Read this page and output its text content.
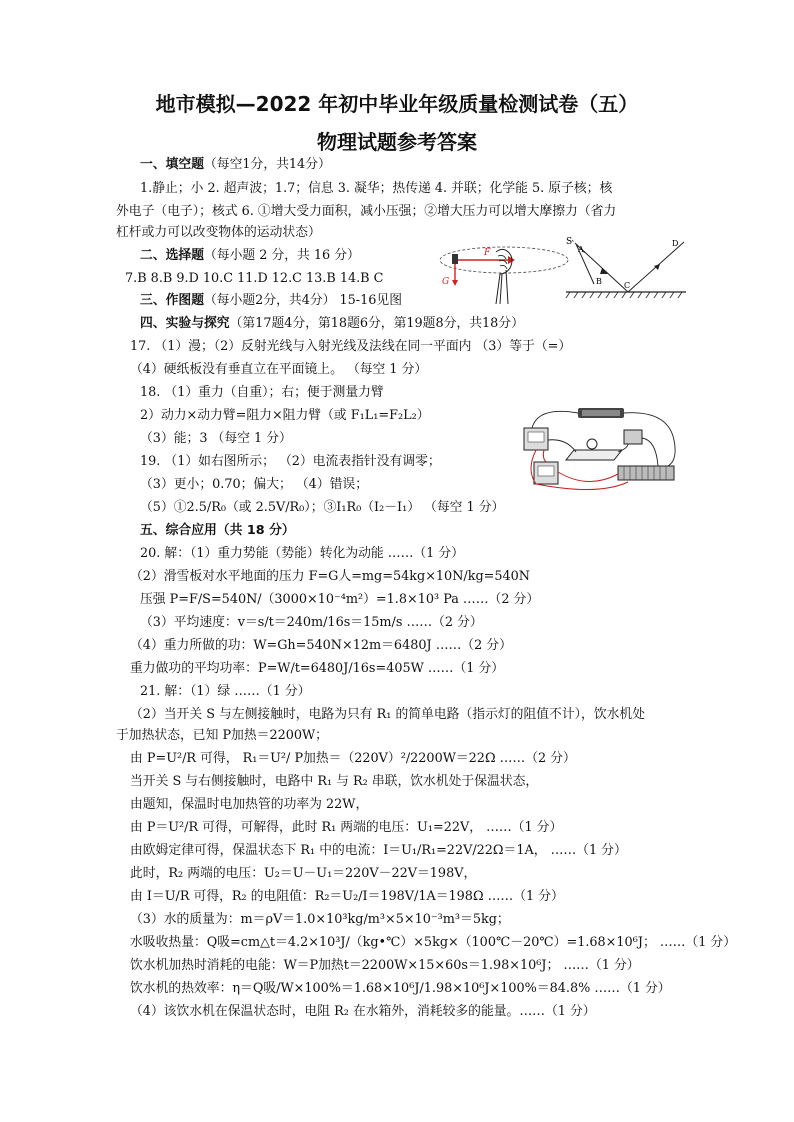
地市模拟—2022 年初中毕业年级质量检测试卷（五）
物理试题参考答案
一、填空题（每空1分，共14分）
1.静止；小 2. 超声波；1.7；信息 3. 凝华；热传递 4. 并联；化学能 5. 原子核；核
外电子（电子）；核式 6. ①增大受力面积，减小压强；②增大压力可以增大摩擦力（省力
杠杆或力可以改变物体的运动状态）
二、选择题（每小题 2 分，共 16 分）
7.B 8.B 9.D 10.C 11.D 12.C 13.B 14.B C
三、作图题（每小题2分，共4分） 15-16见图
G
F
S
A
B	C
D
四、实验与探究（第17题4分，第18题6分，第19题8分，共18分）
17. （1）漫；（2）反射光线与入射光线及法线在同一平面内 （3）等于（=）
（4）硬纸板没有垂直立在平面镜上。 （每空 1 分）
18. （1）重力（自重）；右；便于测量力臂
2）动力×动力臂=阻力×阻力臂（或 F₁L₁=F₂L₂）
（3）能；3 （每空 1 分）
19. （1）如右图所示； （2）电流表指针没有调零；
（3）更小；0.70；偏大； （4）错误；
（5）①2.5/R₀（或 2.5V/R₀）；③I₁R₀（I₂－I₁） （每空 1 分）
五、综合应用（共 18 分）
20. 解：（1）重力势能（势能）转化为动能 ……（1 分）
（2）滑雪板对水平地面的压力 F=G人=mg=54kg×10N/kg=540N
压强 P=F/S=540N/（3000×10⁻⁴m²）=1.8×10³ Pa ……（2 分）
（3）平均速度：v＝s/t＝240m/16s＝15m/s ……（2 分）
（4）重力所做的功：W=Gh=540N×12m＝6480J ……（2 分）
重力做功的平均功率：P=W/t=6480J/16s=405W ……（1 分）
21. 解：（1）绿 ……（1 分）
（2）当开关 S 与左侧接触时，电路为只有 R₁ 的简单电路（指示灯的阻值不计），饮水机处
于加热状态，已知 P加热＝2200W；
由 P=U²/R 可得， R₁＝U²/ P加热＝（220V）²/2200W＝22Ω ……（2 分）
当开关 S 与右侧接触时，电路中 R₁ 与 R₂ 串联，饮水机处于保温状态，
由题知，保温时电加热管的功率为 22W，
由 P＝U²/R 可得，可解得，此时 R₁ 两端的电压：U₁=22V， ……（1 分）
由欧姆定律可得，保温状态下 R₁ 中的电流：I＝U₁/R₁=22V/22Ω＝1A， ……（1 分）
此时，R₂ 两端的电压：U₂＝U－U₁＝220V－22V＝198V，
由 I＝U/R 可得，R₂ 的电阻值：R₂＝U₂/I＝198V/1A＝198Ω ……（1 分）
（3）水的质量为：m＝ρV＝1.0×10³kg/m³×5×10⁻³m³＝5kg；
水吸收热量：Q吸=cm△t＝4.2×10³J/（kg•℃）×5kg×（100℃－20℃）=1.68×10⁶J； ……（1 分）
饮水机加热时消耗的电能：W＝P加热t＝2200W×15×60s＝1.98×10⁶J； ……（1 分）
饮水机的热效率：η＝Q吸/W×100%＝1.68×10⁶J/1.98×10⁶J×100%＝84.8% ……（1 分）
（4）该饮水机在保温状态时，电阻 R₂ 在水箱外，消耗较多的能量。……（1 分）
